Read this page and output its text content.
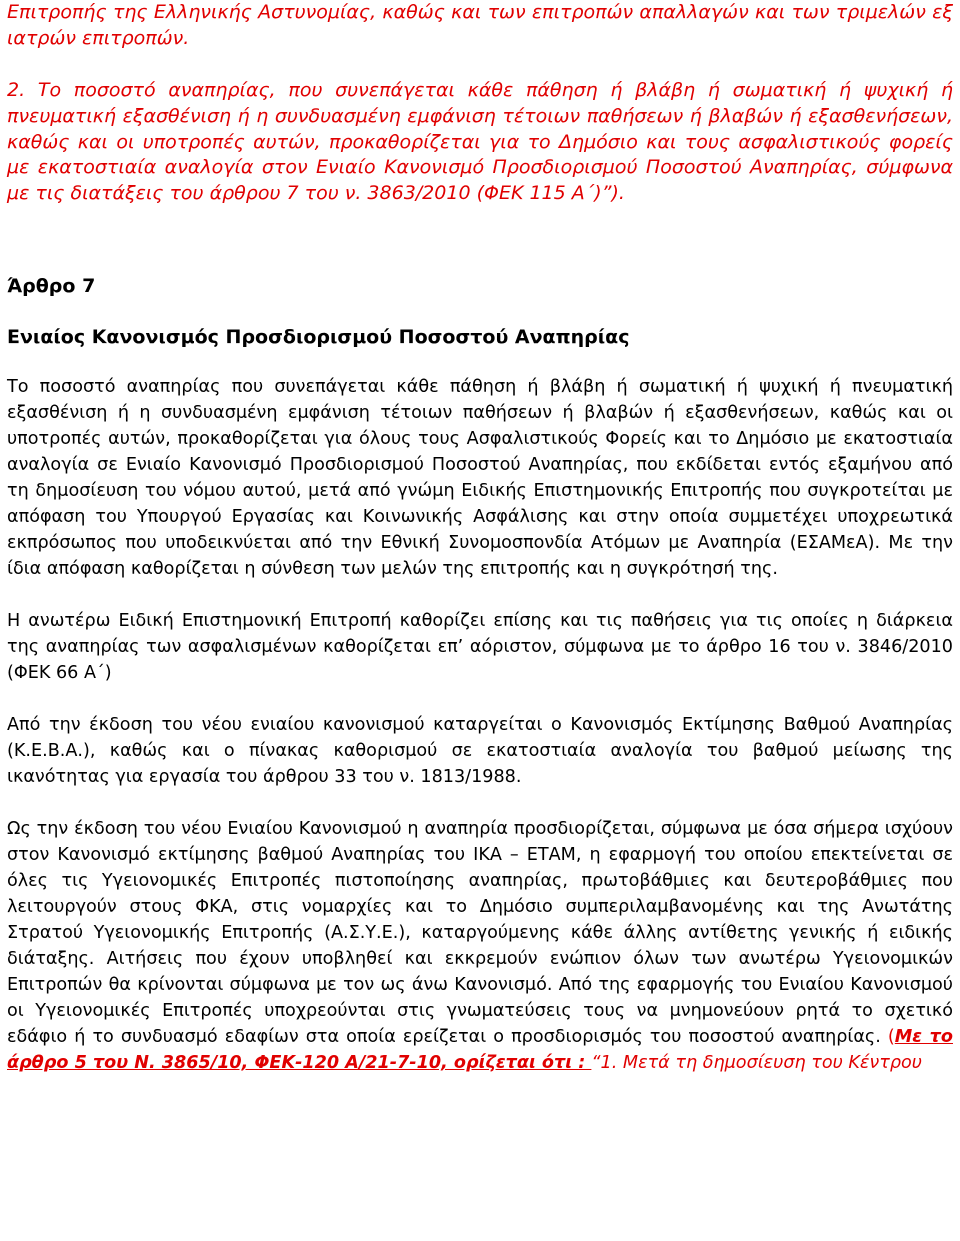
Επιτροπής της Ελληνικής Αστυνομίας, καθώς και των επιτροπών απαλλαγών και των τριμελών εξ ιατρών επιτροπών.

2. Το ποσοστό αναπηρίας, που συνεπάγεται κάθε πάθηση ή βλάβη ή σωματική ή ψυχική ή πνευματική εξασθένιση ή η συνδυασμένη εμφάνιση τέτοιων παθήσεων ή βλαβών ή εξασθενήσεων, καθώς και οι υποτροπές αυτών, προκαθορίζεται για το Δημόσιο και τους ασφαλιστικούς φορείς με εκατοστιαία αναλογία στον Ενιαίο Κανονισμό Προσδιορισμού Ποσοστού Αναπηρίας, σύμφωνα με τις διατάξεις του άρθρου 7 του ν. 3863/2010 (ΦΕΚ 115 Α΄)”).

Άρθρο 7

Ενιαίος Κανονισμός Προσδιορισμού Ποσοστού Αναπηρίας

Το ποσοστό αναπηρίας που συνεπάγεται κάθε πάθηση ή βλάβη ή σωματική ή ψυχική ή πνευματική εξασθένιση ή η συνδυασμένη εμφάνιση τέτοιων παθήσεων ή βλαβών ή εξασθενήσεων, καθώς και οι υποτροπές αυτών, προκαθορίζεται για όλους τους Ασφαλιστικούς Φορείς και το Δημόσιο με εκατοστιαία αναλογία σε Ενιαίο Κανονισμό Προσδιορισμού Ποσοστού Αναπηρίας, που εκδίδεται εντός εξαμήνου από τη δημοσίευση του νόμου αυτού, μετά από γνώμη Ειδικής Επιστημονικής Επιτροπής που συγκροτείται με απόφαση του Υπουργού Εργασίας και Κοινωνικής Ασφάλισης και στην οποία συμμετέχει υποχρεωτικά εκπρόσωπος που υποδεικνύεται από την Εθνική Συνομοσπονδία Ατόμων με Αναπηρία (ΕΣΑΜεΑ). Με την ίδια απόφαση καθορίζεται η σύνθεση των μελών της επιτροπής και η συγκρότησή της.

Η ανωτέρω Ειδική Επιστημονική Επιτροπή καθορίζει επίσης και τις παθήσεις για τις οποίες η διάρκεια της αναπηρίας των ασφαλισμένων καθορίζεται επ’ αόριστον, σύμφωνα με το άρθρο 16 του ν. 3846/2010 (ΦΕΚ 66 Α΄)

Από την έκδοση του νέου ενιαίου κανονισμού καταργείται ο Κανονισμός Εκτίμησης Βαθμού Αναπηρίας (Κ.Ε.Β.Α.), καθώς και ο πίνακας καθορισμού σε εκατοστιαία αναλογία του βαθμού μείωσης της ικανότητας για εργασία του άρθρου 33 του ν. 1813/1988.

Ως την έκδοση του νέου Ενιαίου Κανονισμού η αναπηρία προσδιορίζεται, σύμφωνα με όσα σήμερα ισχύουν στον Κανονισμό εκτίμησης βαθμού Αναπηρίας του ΙΚΑ – ΕΤΑΜ, η εφαρμογή του οποίου επεκτείνεται σε όλες τις Υγειονομικές Επιτροπές πιστοποίησης αναπηρίας, πρωτοβάθμιες και δευτεροβάθμιες που λειτουργούν στους ΦΚΑ, στις νομαρχίες και το Δημόσιο συμπεριλαμβανομένης και της Ανωτάτης Στρατού Υγειονομικής Επιτροπής (Α.Σ.Υ.Ε.), καταργούμενης κάθε άλλης αντίθετης γενικής ή ειδικής διάταξης. Αιτήσεις που έχουν υποβληθεί και εκκρεμούν ενώπιον όλων των ανωτέρω Υγειονομικών Επιτροπών θα κρίνονται σύμφωνα με τον ως άνω Κανονισμό. Από της εφαρμογής του Ενιαίου Κανονισμού οι Υγειονομικές Επιτροπές υποχρεούνται στις γνωματεύσεις τους να μνημονεύουν ρητά το σχετικό εδάφιο ή το συνδυασμό εδαφίων στα οποία ερείζεται ο προσδιορισμός του ποσοστού αναπηρίας. (Με το άρθρο 5 του Ν. 3865/10, ΦΕΚ-120 Α/21-7-10, ορίζεται ότι : “1. Μετά τη δημοσίευση του Κέντρου
